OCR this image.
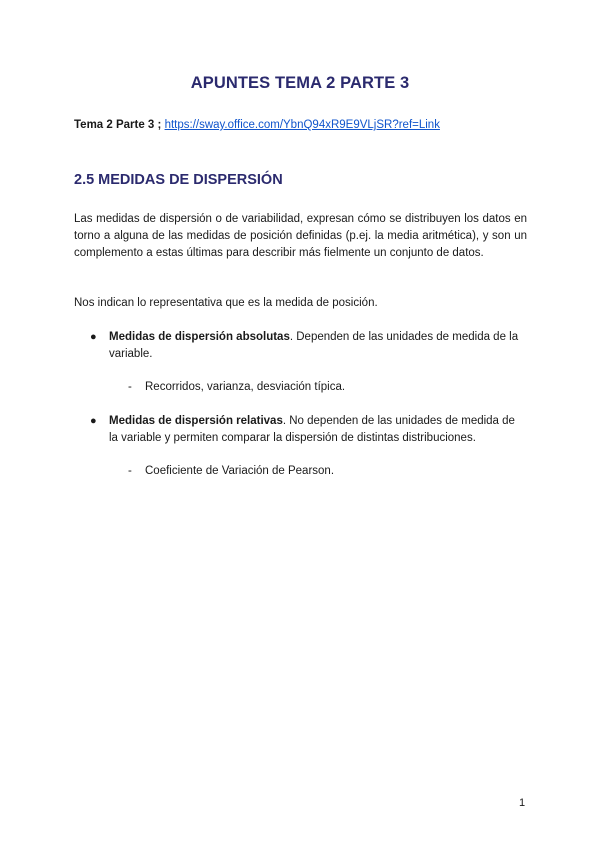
APUNTES TEMA 2 PARTE 3
Tema 2 Parte 3 ; https://sway.office.com/YbnQ94xR9E9VLjSR?ref=Link
2.5 MEDIDAS DE DISPERSIÓN
Las medidas de dispersión o de variabilidad, expresan cómo se distribuyen los datos en torno a alguna de las medidas de posición definidas (p.ej. la media aritmética), y son un complemento a estas últimas para describir más fielmente un conjunto de datos.
Nos indican lo representativa que es la medida de posición.
● Medidas de dispersión absolutas. Dependen de las unidades de medida de la variable.
- Recorridos, varianza, desviación típica.
● Medidas de dispersión relativas. No dependen de las unidades de medida de la variable y permiten comparar la dispersión de distintas distribuciones.
- Coeficiente de Variación de Pearson.
1
